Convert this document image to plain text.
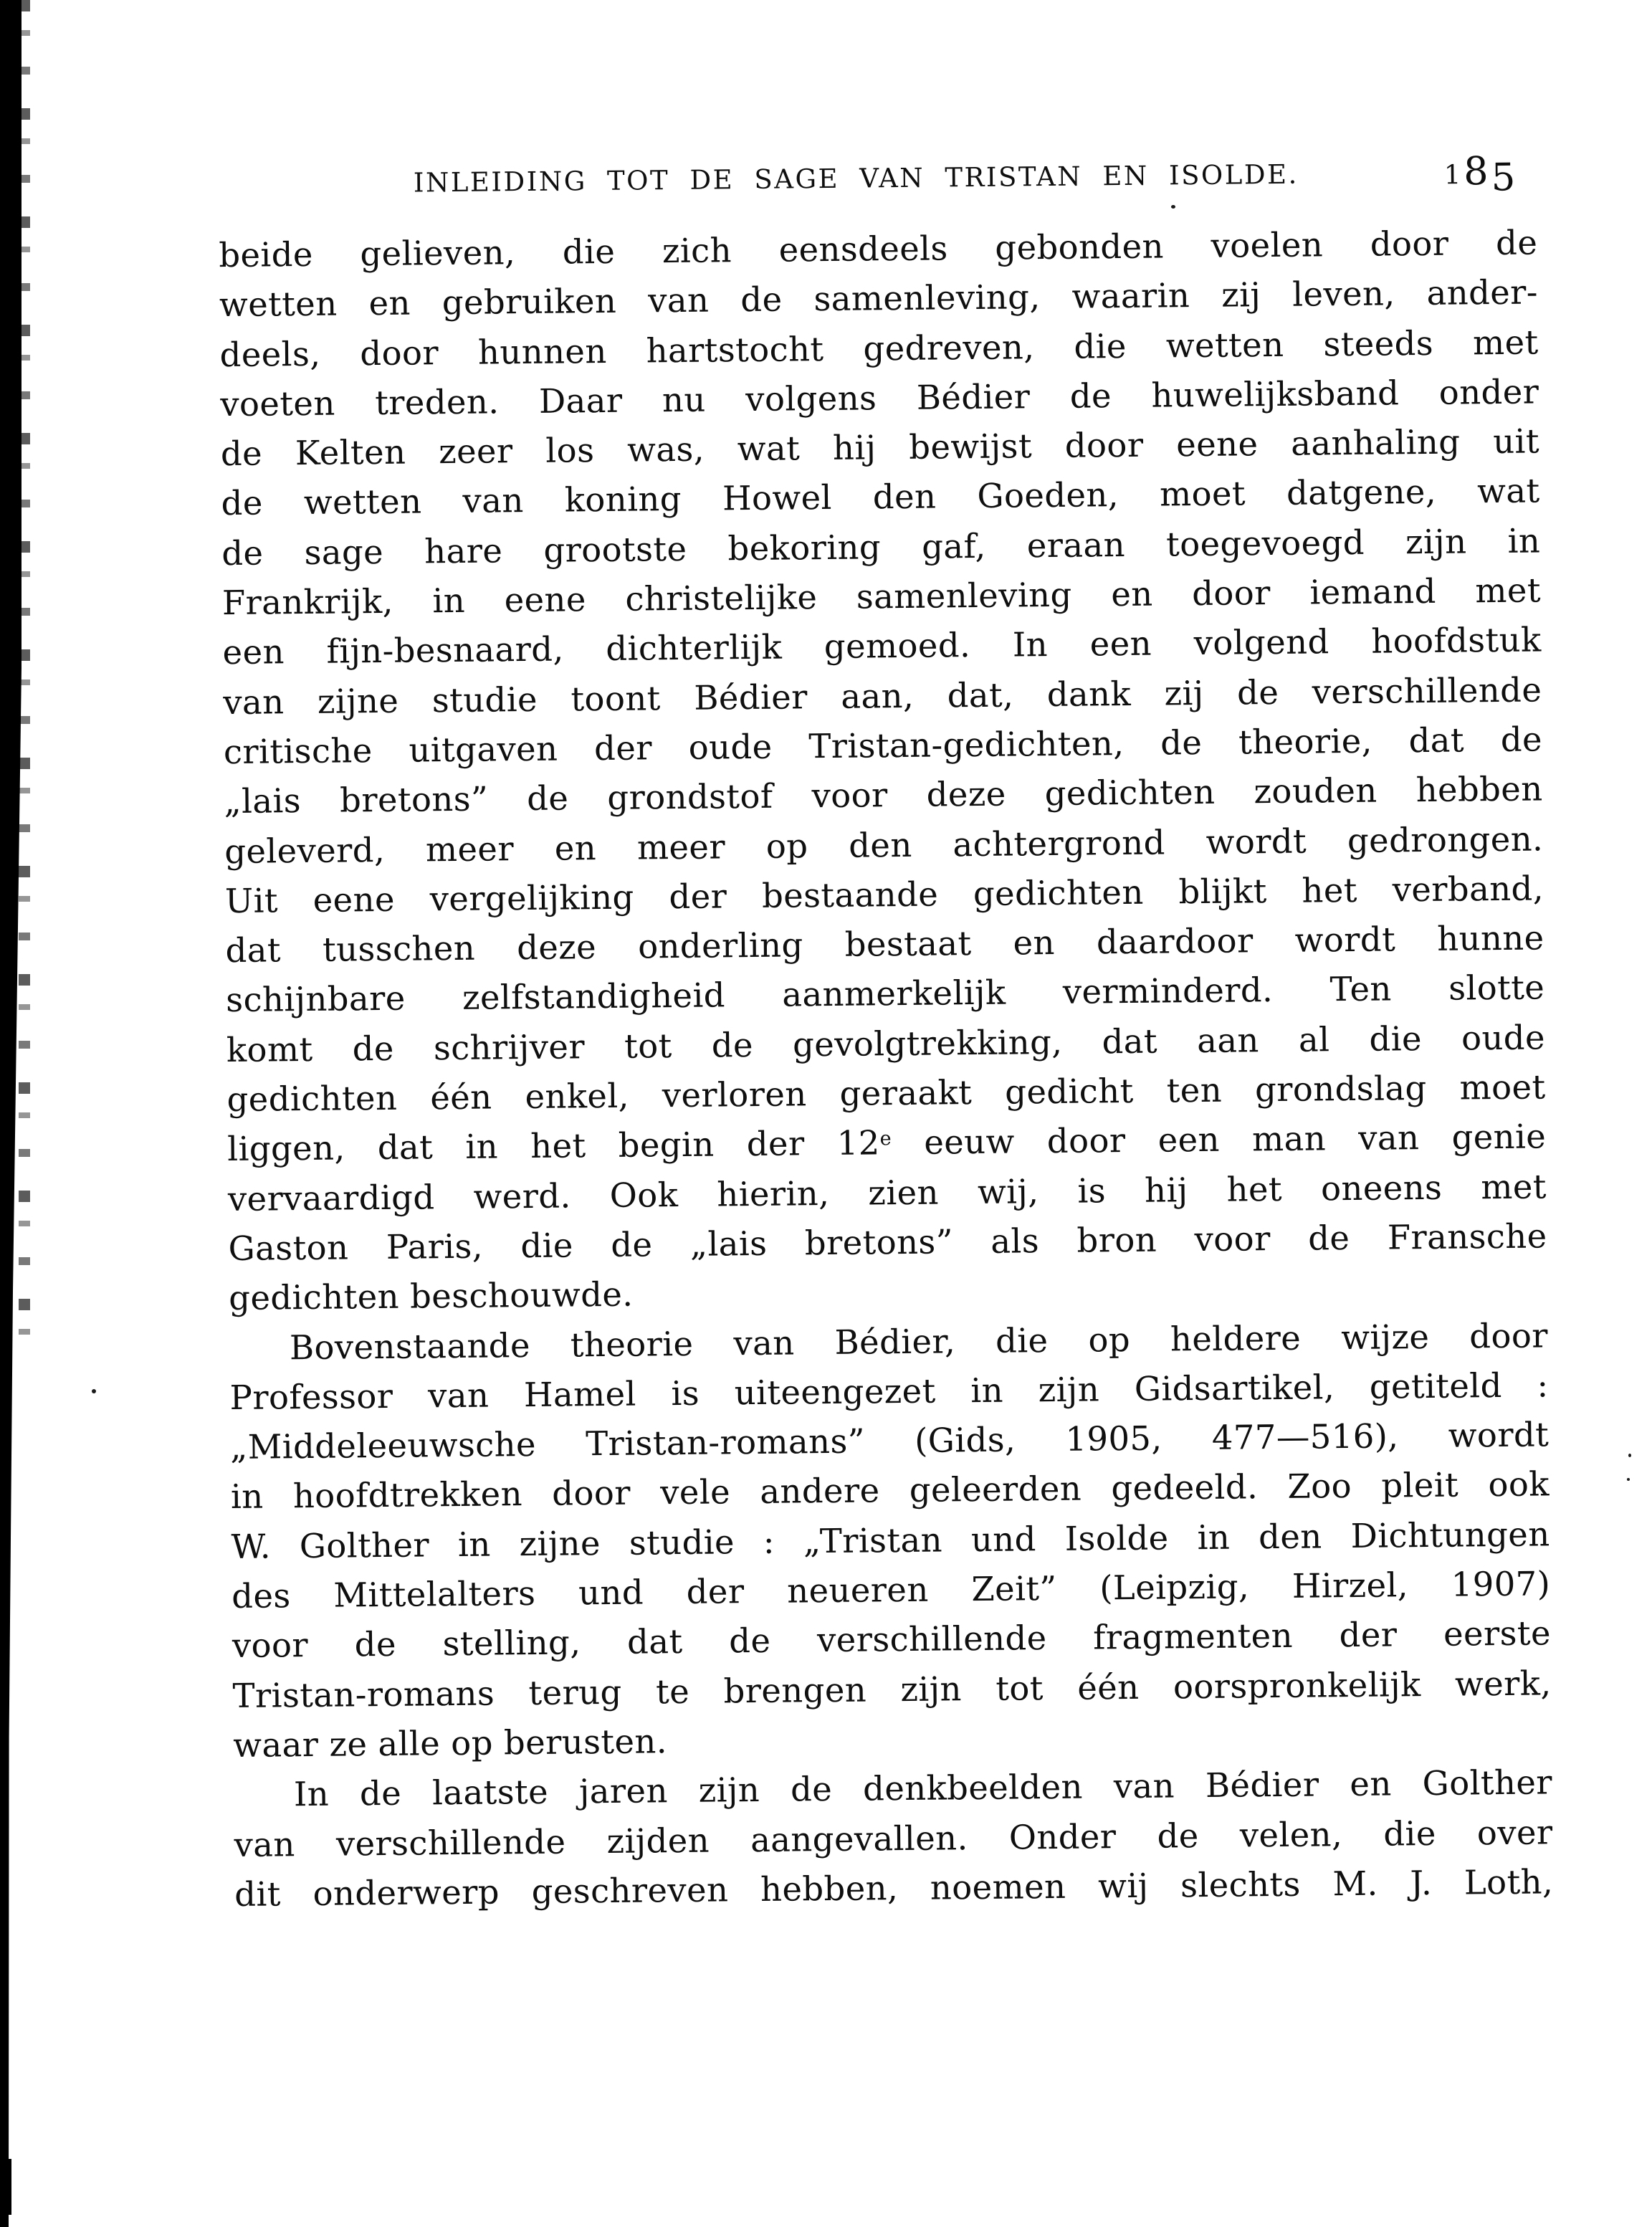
INLEIDING TOT DE SAGE VAN TRISTAN EN ISOLDE.	185
beide gelieven, die zich eensdeels gebonden voelen door de
wetten en gebruiken van de samenleving, waarin zij leven, ander-
deels, door hunnen hartstocht gedreven, die wetten steeds met
voeten treden. Daar nu volgens Bédier de huwelijksband onder
de Kelten zeer los was, wat hij bewijst door eene aanhaling uit
de wetten van koning Howel den Goeden, moet datgene, wat
de sage hare grootste bekoring gaf, eraan toegevoegd zijn in
Frankrijk, in eene christelijke samenleving en door iemand met
een fijn-besnaard, dichterlijk gemoed. In een volgend hoofdstuk
van zijne studie toont Bédier aan, dat, dank zij de verschillende
critische uitgaven der oude Tristan-gedichten, de theorie, dat de
„lais bretons” de grondstof voor deze gedichten zouden hebben
geleverd, meer en meer op den achtergrond wordt gedrongen.
Uit eene vergelijking der bestaande gedichten blijkt het verband,
dat tusschen deze onderling bestaat en daardoor wordt hunne
schijnbare zelfstandigheid aanmerkelijk verminderd. Ten slotte
komt de schrijver tot de gevolgtrekking, dat aan al die oude
gedichten één enkel, verloren geraakt gedicht ten grondslag moet
liggen, dat in het begin der 12e eeuw door een man van genie
vervaardigd werd. Ook hierin, zien wij, is hij het oneens met
Gaston Paris, die de „lais bretons” als bron voor de Fransche
gedichten beschouwde.
Bovenstaande theorie van Bédier, die op heldere wijze door
Professor van Hamel is uiteengezet in zijn Gidsartikel, getiteld :
„Middeleeuwsche Tristan-romans” (Gids, 1905, 477—516), wordt
in hoofdtrekken door vele andere geleerden gedeeld. Zoo pleit ook
W. Golther in zijne studie : „Tristan und Isolde in den Dichtungen
des Mittelalters und der neueren Zeit” (Leipzig, Hirzel, 1907)
voor de stelling, dat de verschillende fragmenten der eerste
Tristan-romans terug te brengen zijn tot één oorspronkelijk werk,
waar ze alle op berusten.
In de laatste jaren zijn de denkbeelden van Bédier en Golther
van verschillende zijden aangevallen. Onder de velen, die over
dit onderwerp geschreven hebben, noemen wij slechts M. J. Loth,
